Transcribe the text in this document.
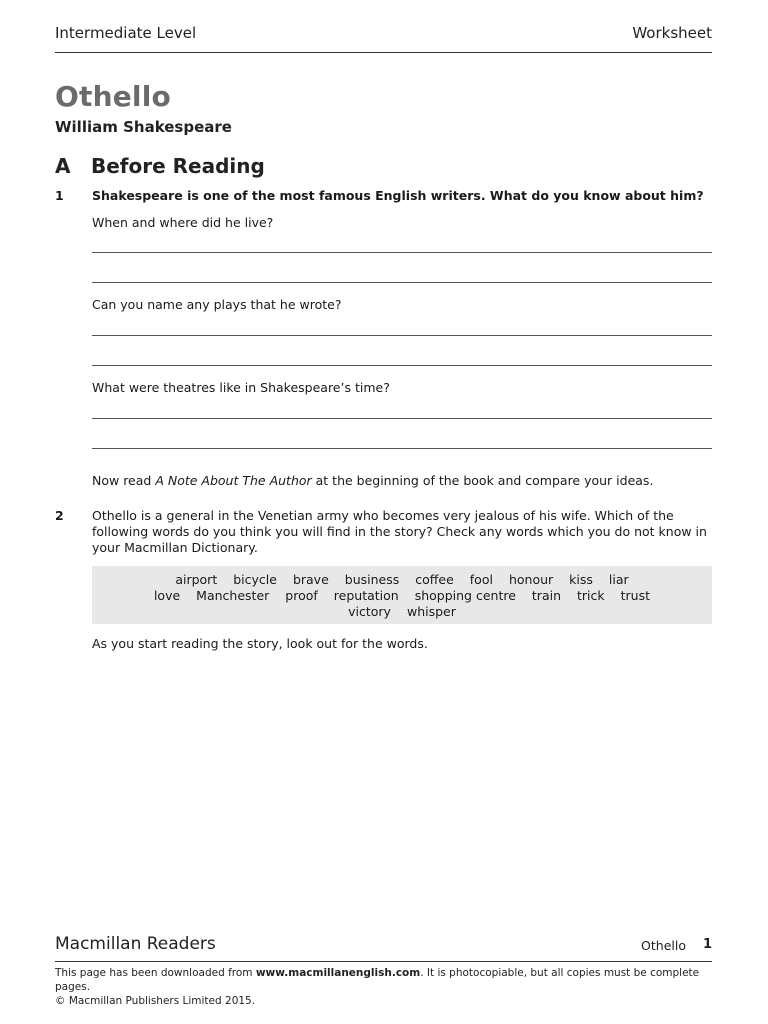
Intermediate Level	Worksheet
Othello
William Shakespeare
A Before Reading
1 Shakespeare is one of the most famous English writers. What do you know about him?
When and where did he live?
Can you name any plays that he wrote?
What were theatres like in Shakespeare’s time?
Now read A Note About The Author at the beginning of the book and compare your ideas.
2 Othello is a general in the Venetian army who becomes very jealous of his wife. Which of the
following words do you think you will find in the story? Check any words which you do not know in
your Macmillan Dictionary.
airport bicycle brave business coffee fool honour kiss liar
love Manchester proof reputation shopping centre train trick trust
victory whisper
As you start reading the story, look out for the words.
Macmillan Readers	Othello 1
This page has been downloaded from www.macmillanenglish.com. It is photocopiable, but all copies must be complete pages.
© Macmillan Publishers Limited 2015.
